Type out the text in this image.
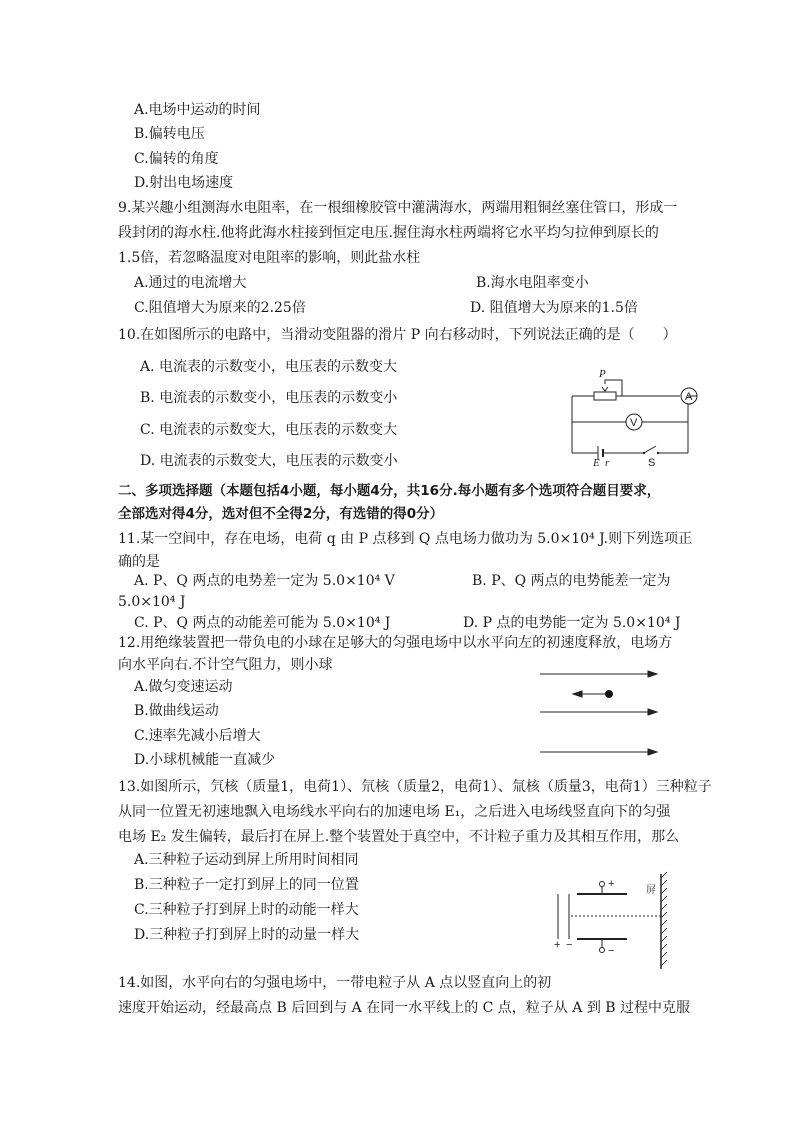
A.电场中运动的时间
B.偏转电压
C.偏转的角度
D.射出电场速度
9.某兴趣小组测海水电阻率，在一根细橡胶管中灌满海水，两端用粗铜丝塞住管口，形成一
段封闭的海水柱.他将此海水柱接到恒定电压.握住海水柱两端将它水平均匀拉伸到原长的
1.5倍，若忽略温度对电阻率的影响，则此盐水柱
A.通过的电流增大	B.海水电阻率变小
C.阻值增大为原来的2.25倍	D. 阻值增大为原来的1.5倍
10.在如图所示的电路中，当滑动变阻器的滑片 P 向右移动时，下列说法正确的是（　　）
A. 电流表的示数变小，电压表的示数变大
B. 电流表的示数变小，电压表的示数变小
C. 电流表的示数变大，电压表的示数变大
D. 电流表的示数变大，电压表的示数变小
P
A
V
E r	S
二、多项选择题（本题包括4小题，每小题4分，共16分.每小题有多个选项符合题目要求，
全部选对得4分，选对但不全得2分，有选错的得0分）
11.某一空间中，存在电场，电荷 q 由 P 点移到 Q 点电场力做功为 5.0×10⁴ J.则下列选项正
确的是
A. P、Q 两点的电势差一定为 5.0×10⁴ V	B. P、Q 两点的电势能差一定为
5.0×10⁴ J
C. P、Q 两点的动能差可能为 5.0×10⁴ J	D. P 点的电势能一定为 5.0×10⁴ J
12.用绝缘装置把一带负电的小球在足够大的匀强电场中以水平向左的初速度释放，电场方
向水平向右.不计空气阻力，则小球
A.做匀变速运动
B.做曲线运动
C.速率先减小后增大
D.小球机械能一直减少
13.如图所示，氕核（质量1，电荷1）、氘核（质量2，电荷1）、氚核（质量3，电荷1）三种粒子
从同一位置无初速地飘入电场线水平向右的加速电场 E₁，之后进入电场线竖直向下的匀强
电场 E₂ 发生偏转，最后打在屏上.整个装置处于真空中，不计粒子重力及其相互作用，那么
A.三种粒子运动到屏上所用时间相同
B.三种粒子一定打到屏上的同一位置
C.三种粒子打到屏上时的动能一样大
D.三种粒子打到屏上时的动量一样大
+
−
+ −
屏
14.如图，水平向右的匀强电场中，一带电粒子从 A 点以竖直向上的初
速度开始运动，经最高点 B 后回到与 A 在同一水平线上的 C 点，粒子从 A 到 B 过程中克服
